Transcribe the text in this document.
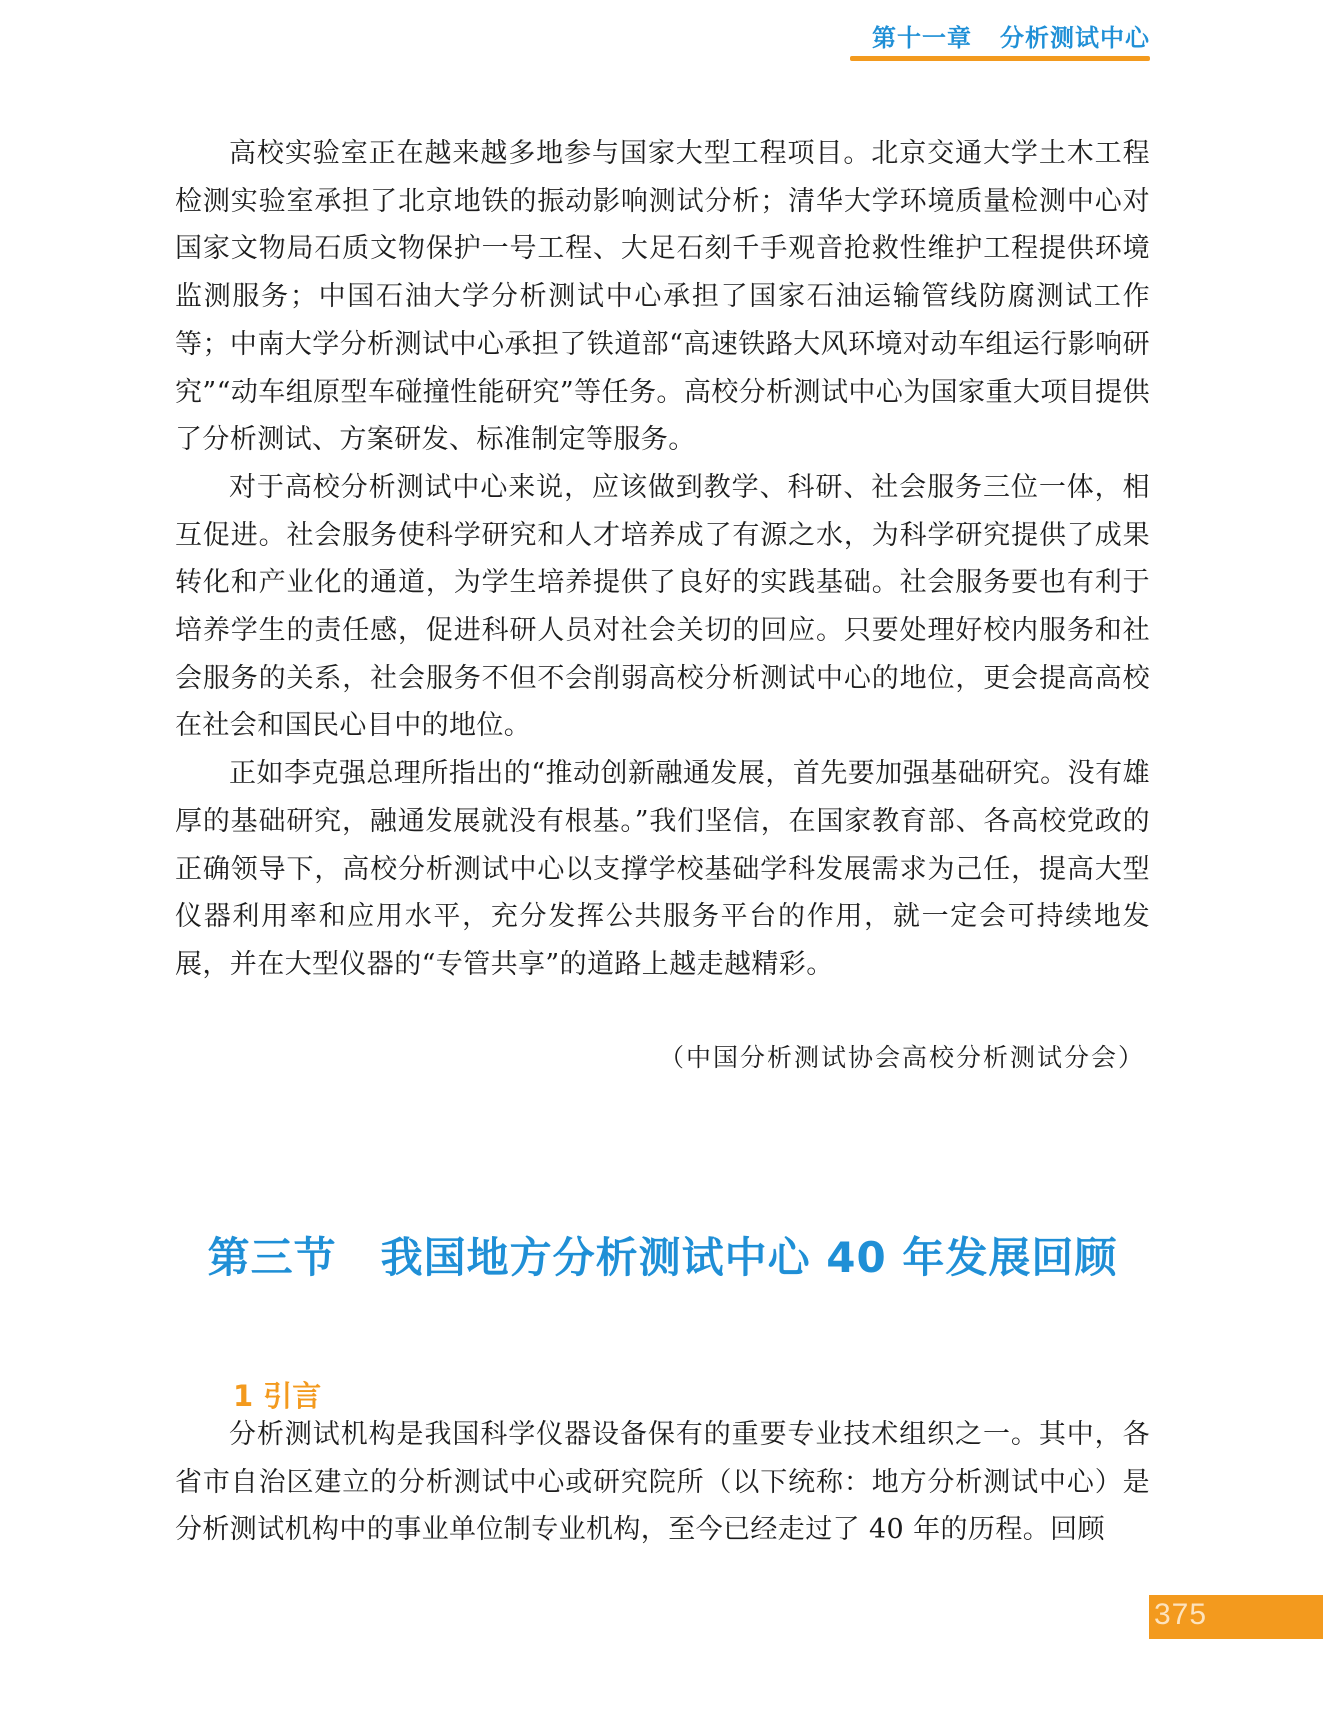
第十一章 分析测试中心

高校实验室正在越来越多地参与国家大型工程项目。北京交通大学土木工程检测实验室承担了北京地铁的振动影响测试分析；清华大学环境质量检测中心对国家文物局石质文物保护一号工程、大足石刻千手观音抢救性维护工程提供环境监测服务；中国石油大学分析测试中心承担了国家石油运输管线防腐测试工作等；中南大学分析测试中心承担了铁道部“高速铁路大风环境对动车组运行影响研究”“动车组原型车碰撞性能研究”等任务。高校分析测试中心为国家重大项目提供了分析测试、方案研发、标准制定等服务。

对于高校分析测试中心来说，应该做到教学、科研、社会服务三位一体，相互促进。社会服务使科学研究和人才培养成了有源之水，为科学研究提供了成果转化和产业化的通道，为学生培养提供了良好的实践基础。社会服务要也有利于培养学生的责任感，促进科研人员对社会关切的回应。只要处理好校内服务和社会服务的关系，社会服务不但不会削弱高校分析测试中心的地位，更会提高高校在社会和国民心目中的地位。

正如李克强总理所指出的“推动创新融通发展，首先要加强基础研究。没有雄厚的基础研究，融通发展就没有根基。”我们坚信，在国家教育部、各高校党政的正确领导下，高校分析测试中心以支撑学校基础学科发展需求为己任，提高大型仪器利用率和应用水平，充分发挥公共服务平台的作用，就一定会可持续地发展，并在大型仪器的“专管共享”的道路上越走越精彩。

（中国分析测试协会高校分析测试分会）
第三节 我国地方分析测试中心 40 年发展回顾
1 引言

分析测试机构是我国科学仪器设备保有的重要专业技术组织之一。其中，各省市自治区建立的分析测试中心或研究院所（以下统称：地方分析测试中心）是分析测试机构中的事业单位制专业机构，至今已经走过了 40 年的历程。回顾

375
